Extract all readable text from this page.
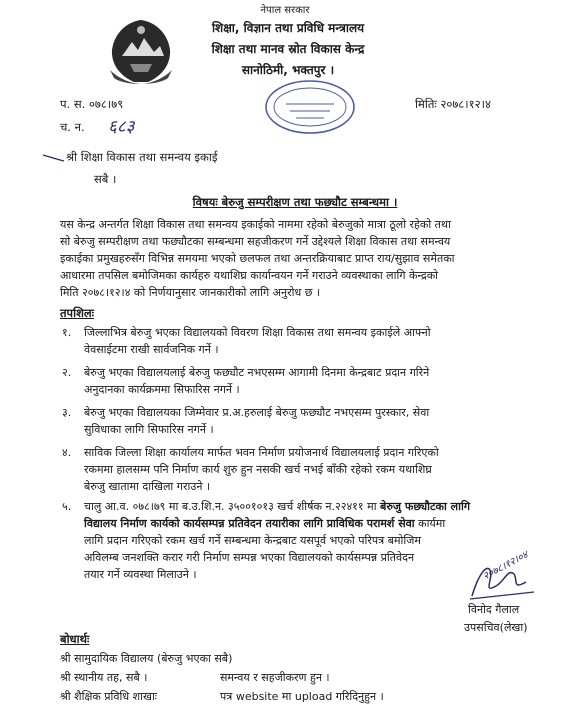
नेपाल सरकार
शिक्षा, विज्ञान तथा प्रविधि मन्त्रालय
शिक्षा तथा मानव स्रोत विकास केन्द्र
सानोठिमी, भक्तपुर ।
प. स. ०७८।७९
च. न. ६८३
मितिः २०७८।१२।४
श्री शिक्षा विकास तथा समन्वय इकाई
सबै ।
विषयः बेरुजु सम्परीक्षण तथा फछ्यौट सम्बन्धमा ।
यस केन्द्र अन्तर्गत शिक्षा विकास तथा समन्वय इकाईको नाममा रहेको बेरुजुको मात्रा ठूलो रहेको तथा
सो बेरुजु सम्परीक्षण तथा फछ्यौटका सम्बन्धमा सहजीकरण गर्ने उद्देश्यले शिक्षा विकास तथा समन्वय
इकाईका प्रमुखहरुसँग विभिन्न समयमा भएको छलफल तथा अन्तरक्रियाबाट प्राप्त राय/सुझाव समेतका
आधारमा तपसिल बमोजिमका कार्यहरु यथाशिघ्र कार्यान्वयन गर्ने गराउने व्यवस्थाका लागि केन्द्रको
मिति २०७८।१२।४ को निर्णयानुसार जानकारीको लागि अनुरोध छ ।
तपशिलः
१. जिल्लाभित्र बेरुजु भएका विद्यालयको विवरण शिक्षा विकास तथा समन्वय इकाईले आफ्नो
वेवसाईटमा राखी सार्वजनिक गर्ने ।
२. बेरुजु भएका विद्यालयलाई बेरुजु फछ्यौट नभएसम्म आगामी दिनमा केन्द्रबाट प्रदान गरिने
अनुदानका कार्यक्रममा सिफारिस नगर्ने ।
३. बेरुजु भएका विद्यालयका जिम्मेवार प्र.अ.हरुलाई बेरुजु फछ्यौट नभएसम्म पुरस्कार, सेवा
सुविधाका लागि सिफारिस नगर्ने ।
४. साविक जिल्ला शिक्षा कार्यालय मार्फत भवन निर्माण प्रयोजनार्थ विद्यालयलाई प्रदान गरिएको
रकममा हालसम्म पनि निर्माण कार्य शुरु हुन नसकी खर्च नभई बाँकी रहेको रकम यथाशिघ्र
बेरुजु खातामा दाखिला गराउने ।
५. चालु आ.व. ०७८।७९ मा ब.उ.शि.न. ३५००१०१३ खर्च शीर्षक न.२२४११ मा बेरुजु फछ्यौटका लागि
विद्यालय निर्माण कार्यको कार्यसम्पन्न प्रतिवेदन तयारीका लागि प्राविधिक परामर्श सेवा कार्यमा
लागि प्रदान गरिएको रकम खर्च गर्ने सम्बन्धमा केन्द्रबाट यसपूर्व भएको परिपत्र बमोजिम
अविलम्ब जनशक्ति करार गरी निर्माण सम्पन्न भएका विद्यालयको कार्यसम्पन्न प्रतिवेदन
तयार गर्ने व्यवस्था मिलाउने ।	२०७८।१२।०४
विनोद गैलाल
उपसचिव(लेखा)
बोधार्थः
श्री सामुदायिक विद्यालय (बेरुजु भएका सबै)
श्री स्थानीय तह, सबै ।	समन्वय र सहजीकरण हुन ।
श्री शैक्षिक प्रविधि शाखाः	पत्र website मा upload गरिदिनुहुन ।
